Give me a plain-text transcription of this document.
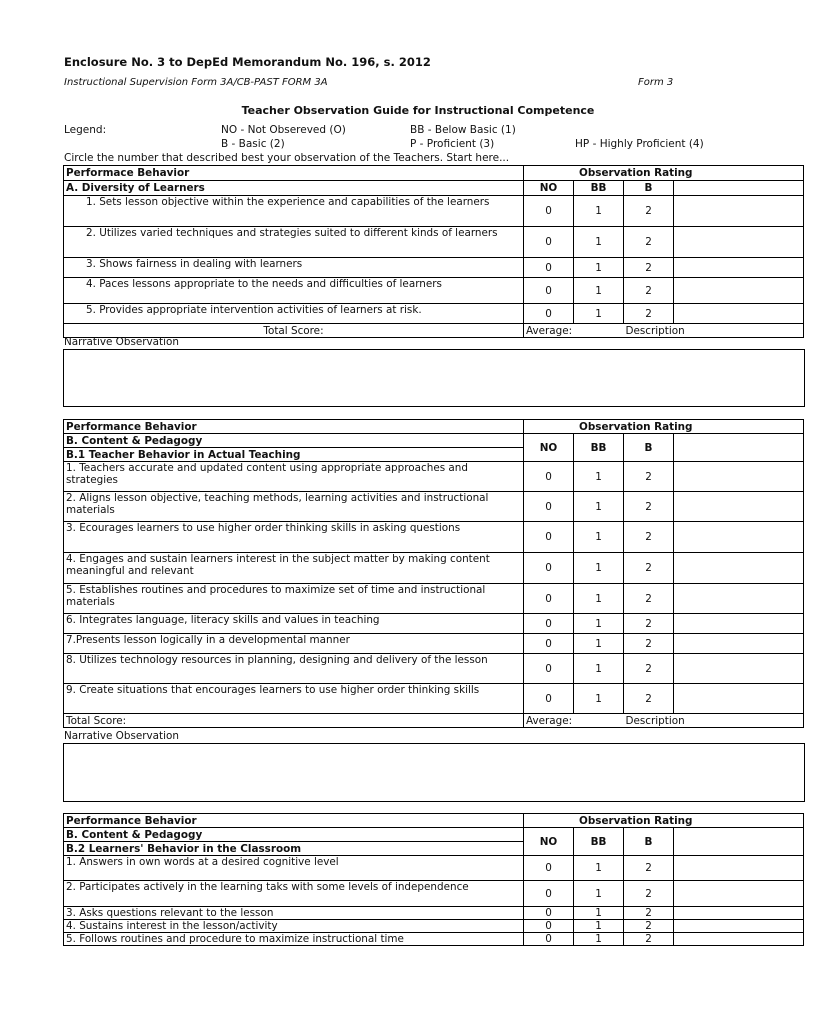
Enclosure No. 3 to DepEd Memorandum No. 196, s. 2012
Instructional Supervision Form 3A/CB-PAST FORM 3A	Form 3
Teacher Observation Guide for Instructional Competence
Legend:	NO - Not Obsereved (O)	BB - Below Basic (1)
B - Basic (2)	P - Proficient (3)	HP - Highly Proficient (4)
Circle the number that described best your observation of the Teachers. Start here...
Performace Behavior	Observation Rating			
A. Diversity of Learners	NO	BB	B	
1. Sets lesson objective within the experience and capabilities of the learners	0	1	2	
2. Utilizes varied techniques and strategies suited to different kinds of learners	0	1	2	
3. Shows fairness in dealing with learners	0	1	2	
4. Paces lessons appropriate to the needs and difficulties of learners	0	1	2	
5. Provides appropriate intervention activities of learners at risk.	0	1	2	
Total Score:	Average:		Description	
Narrative Observation
Performance Behavior	Observation Rating			
B. Content & Pedagogy	NO	BB	B	
B.1 Teacher Behavior in Actual Teaching				
1. Teachers accurate and updated content using appropriate approaches and strategies	0	1	2	
2. Aligns lesson objective, teaching methods, learning activities and instructional materials	0	1	2	
3. Ecourages learners to use higher order thinking skills in asking questions	0	1	2	
4. Engages and sustain learners interest in the subject matter by making content meaningful and relevant	0	1	2	
5. Establishes routines and procedures to maximize set of time and instructional materials	0	1	2	
6. Integrates language, literacy skills and values in teaching	0	1	2	
7.Presents lesson logically in a developmental manner	0	1	2	
8. Utilizes technology resources in planning, designing and delivery of the lesson	0	1	2	
9. Create situations that encourages learners to use higher order thinking skills	0	1	2	
Total Score:	Average:		Description	
Narrative Observation
Performance Behavior	Observation Rating			
B. Content & Pedagogy	NO	BB	B	
B.2 Learners' Behavior in the Classroom				
1. Answers in own words at a desired cognitive level	0	1	2	
2. Participates actively in the learning taks with some levels of independence	0	1	2	
3. Asks questions relevant to the lesson	0	1	2	
4. Sustains interest in the lesson/activity	0	1	2	
5. Follows routines and procedure to maximize instructional time	0	1	2	
